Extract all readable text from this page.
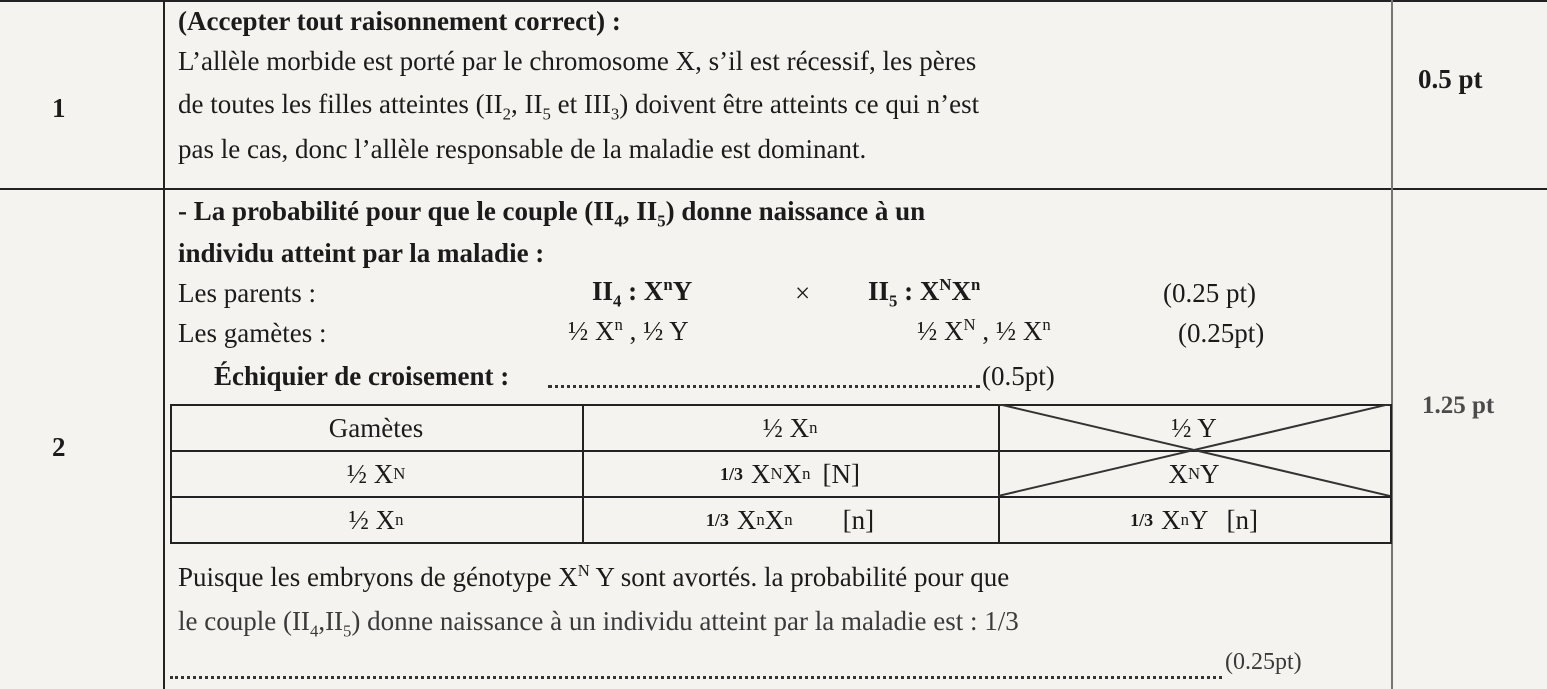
1
0.5 pt
(Accepter tout raisonnement correct) :
L’allèle morbide est porté par le chromosome X, s’il est récessif, les pères
de toutes les filles atteintes ($II_2$, $II_5$ et $III_3$) doivent être atteints ce qui n’est
pas le cas, donc l’allèle responsable de la maladie est dominant.
2
1.25 pt
- La probabilité pour que le couple ($II_4$, $II_5$) donne naissance à un
individu atteint par la maladie :
Les parents :	$II_4$ : $X^nY$	× $II_5$ : $X^NX^n$	(0.25 pt)
Les gamètes :	½ $X^n$ , ½ Y	½ $X^N$ , ½ $X^n$	(0.25pt)
Échiquier de croisement :	(0.5pt)
Gamètes	½ X n	½ Y
½ X N	1/3 X N X n [N]	X N Y
½ X n	1/3 X n X n [n]	1/3 X n Y [n]
Puisque les embryons de génotype $X^N$ Y sont avortés. la probabilité pour que
le couple $(II_4,II_5)$ donne naissance à un individu atteint par la maladie est : 1/3
(0.25pt)
